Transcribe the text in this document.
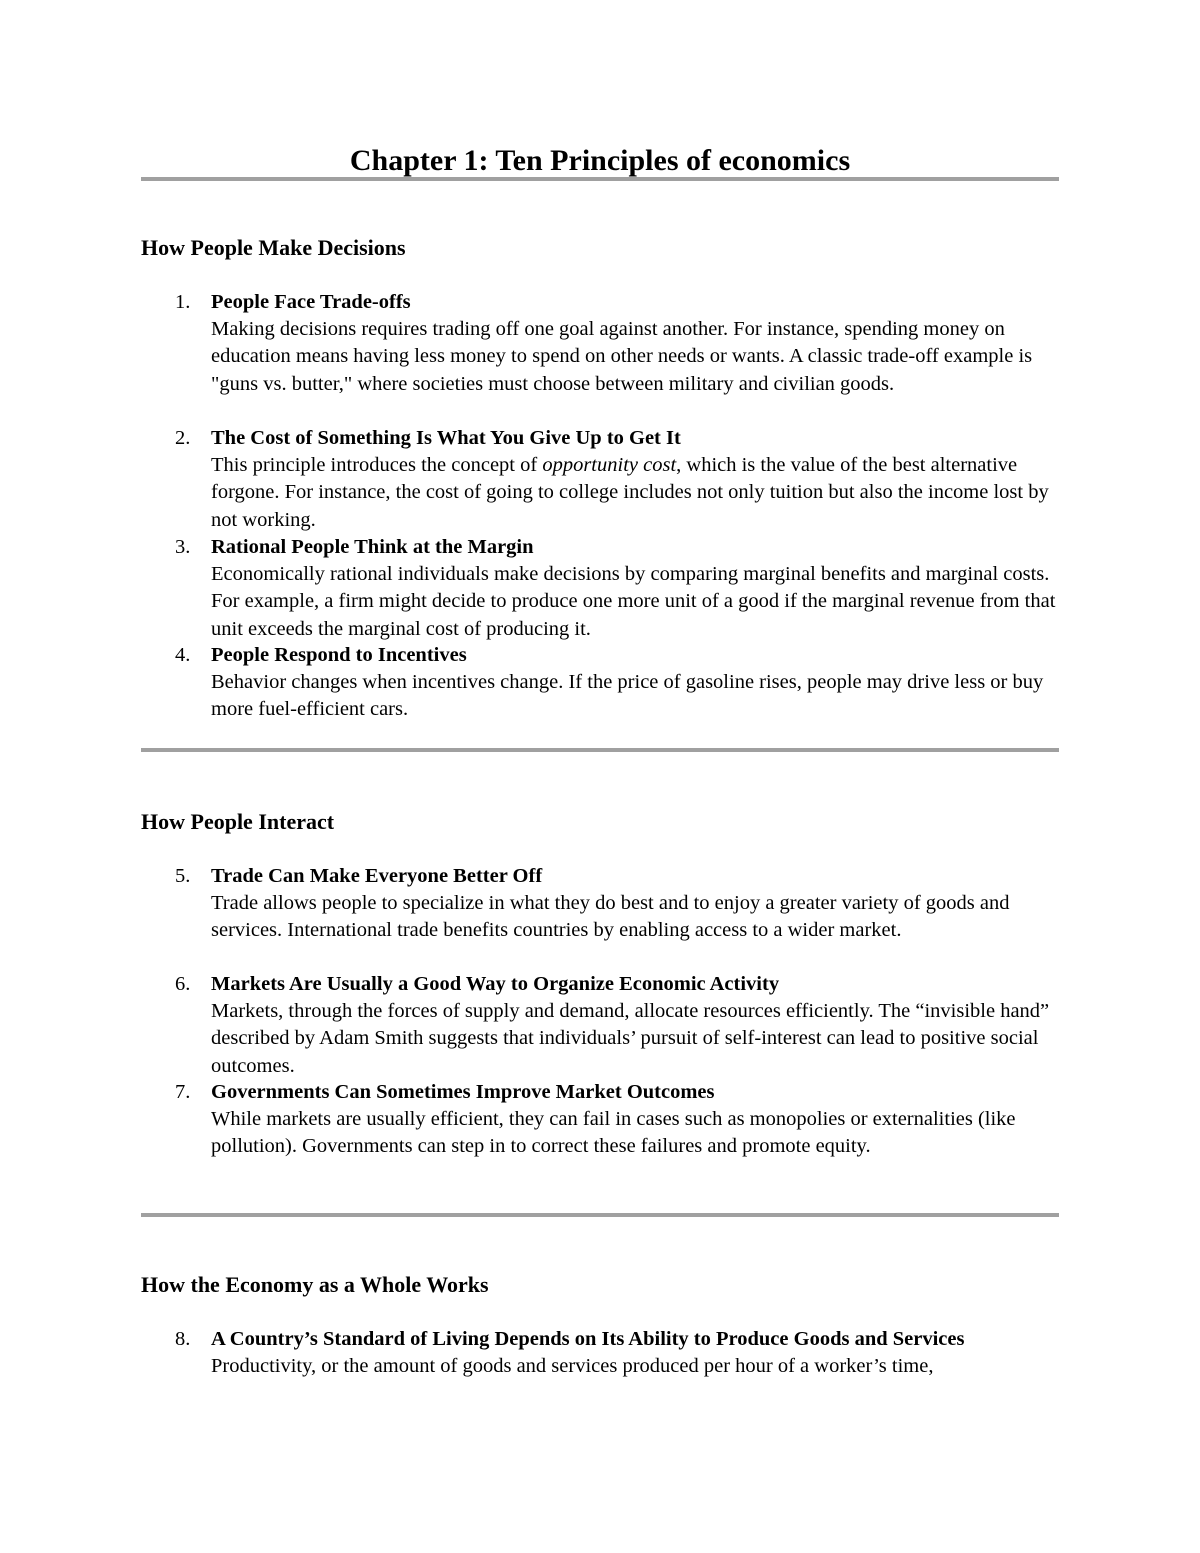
Chapter 1: Ten Principles of economics
How People Make Decisions
1. People Face Trade-offs
Making decisions requires trading off one goal against another. For instance, spending money on education means having less money to spend on other needs or wants. A classic trade-off example is "guns vs. butter," where societies must choose between military and civilian goods.
2. The Cost of Something Is What You Give Up to Get It
This principle introduces the concept of opportunity cost, which is the value of the best alternative forgone. For instance, the cost of going to college includes not only tuition but also the income lost by not working.
3. Rational People Think at the Margin
Economically rational individuals make decisions by comparing marginal benefits and marginal costs. For example, a firm might decide to produce one more unit of a good if the marginal revenue from that unit exceeds the marginal cost of producing it.
4. People Respond to Incentives
Behavior changes when incentives change. If the price of gasoline rises, people may drive less or buy more fuel-efficient cars.
How People Interact
5. Trade Can Make Everyone Better Off
Trade allows people to specialize in what they do best and to enjoy a greater variety of goods and services. International trade benefits countries by enabling access to a wider market.
6. Markets Are Usually a Good Way to Organize Economic Activity
Markets, through the forces of supply and demand, allocate resources efficiently. The “invisible hand” described by Adam Smith suggests that individuals’ pursuit of self-interest can lead to positive social outcomes.
7. Governments Can Sometimes Improve Market Outcomes
While markets are usually efficient, they can fail in cases such as monopolies or externalities (like pollution). Governments can step in to correct these failures and promote equity.
How the Economy as a Whole Works
8. A Country’s Standard of Living Depends on Its Ability to Produce Goods and Services
Productivity, or the amount of goods and services produced per hour of a worker’s time,
